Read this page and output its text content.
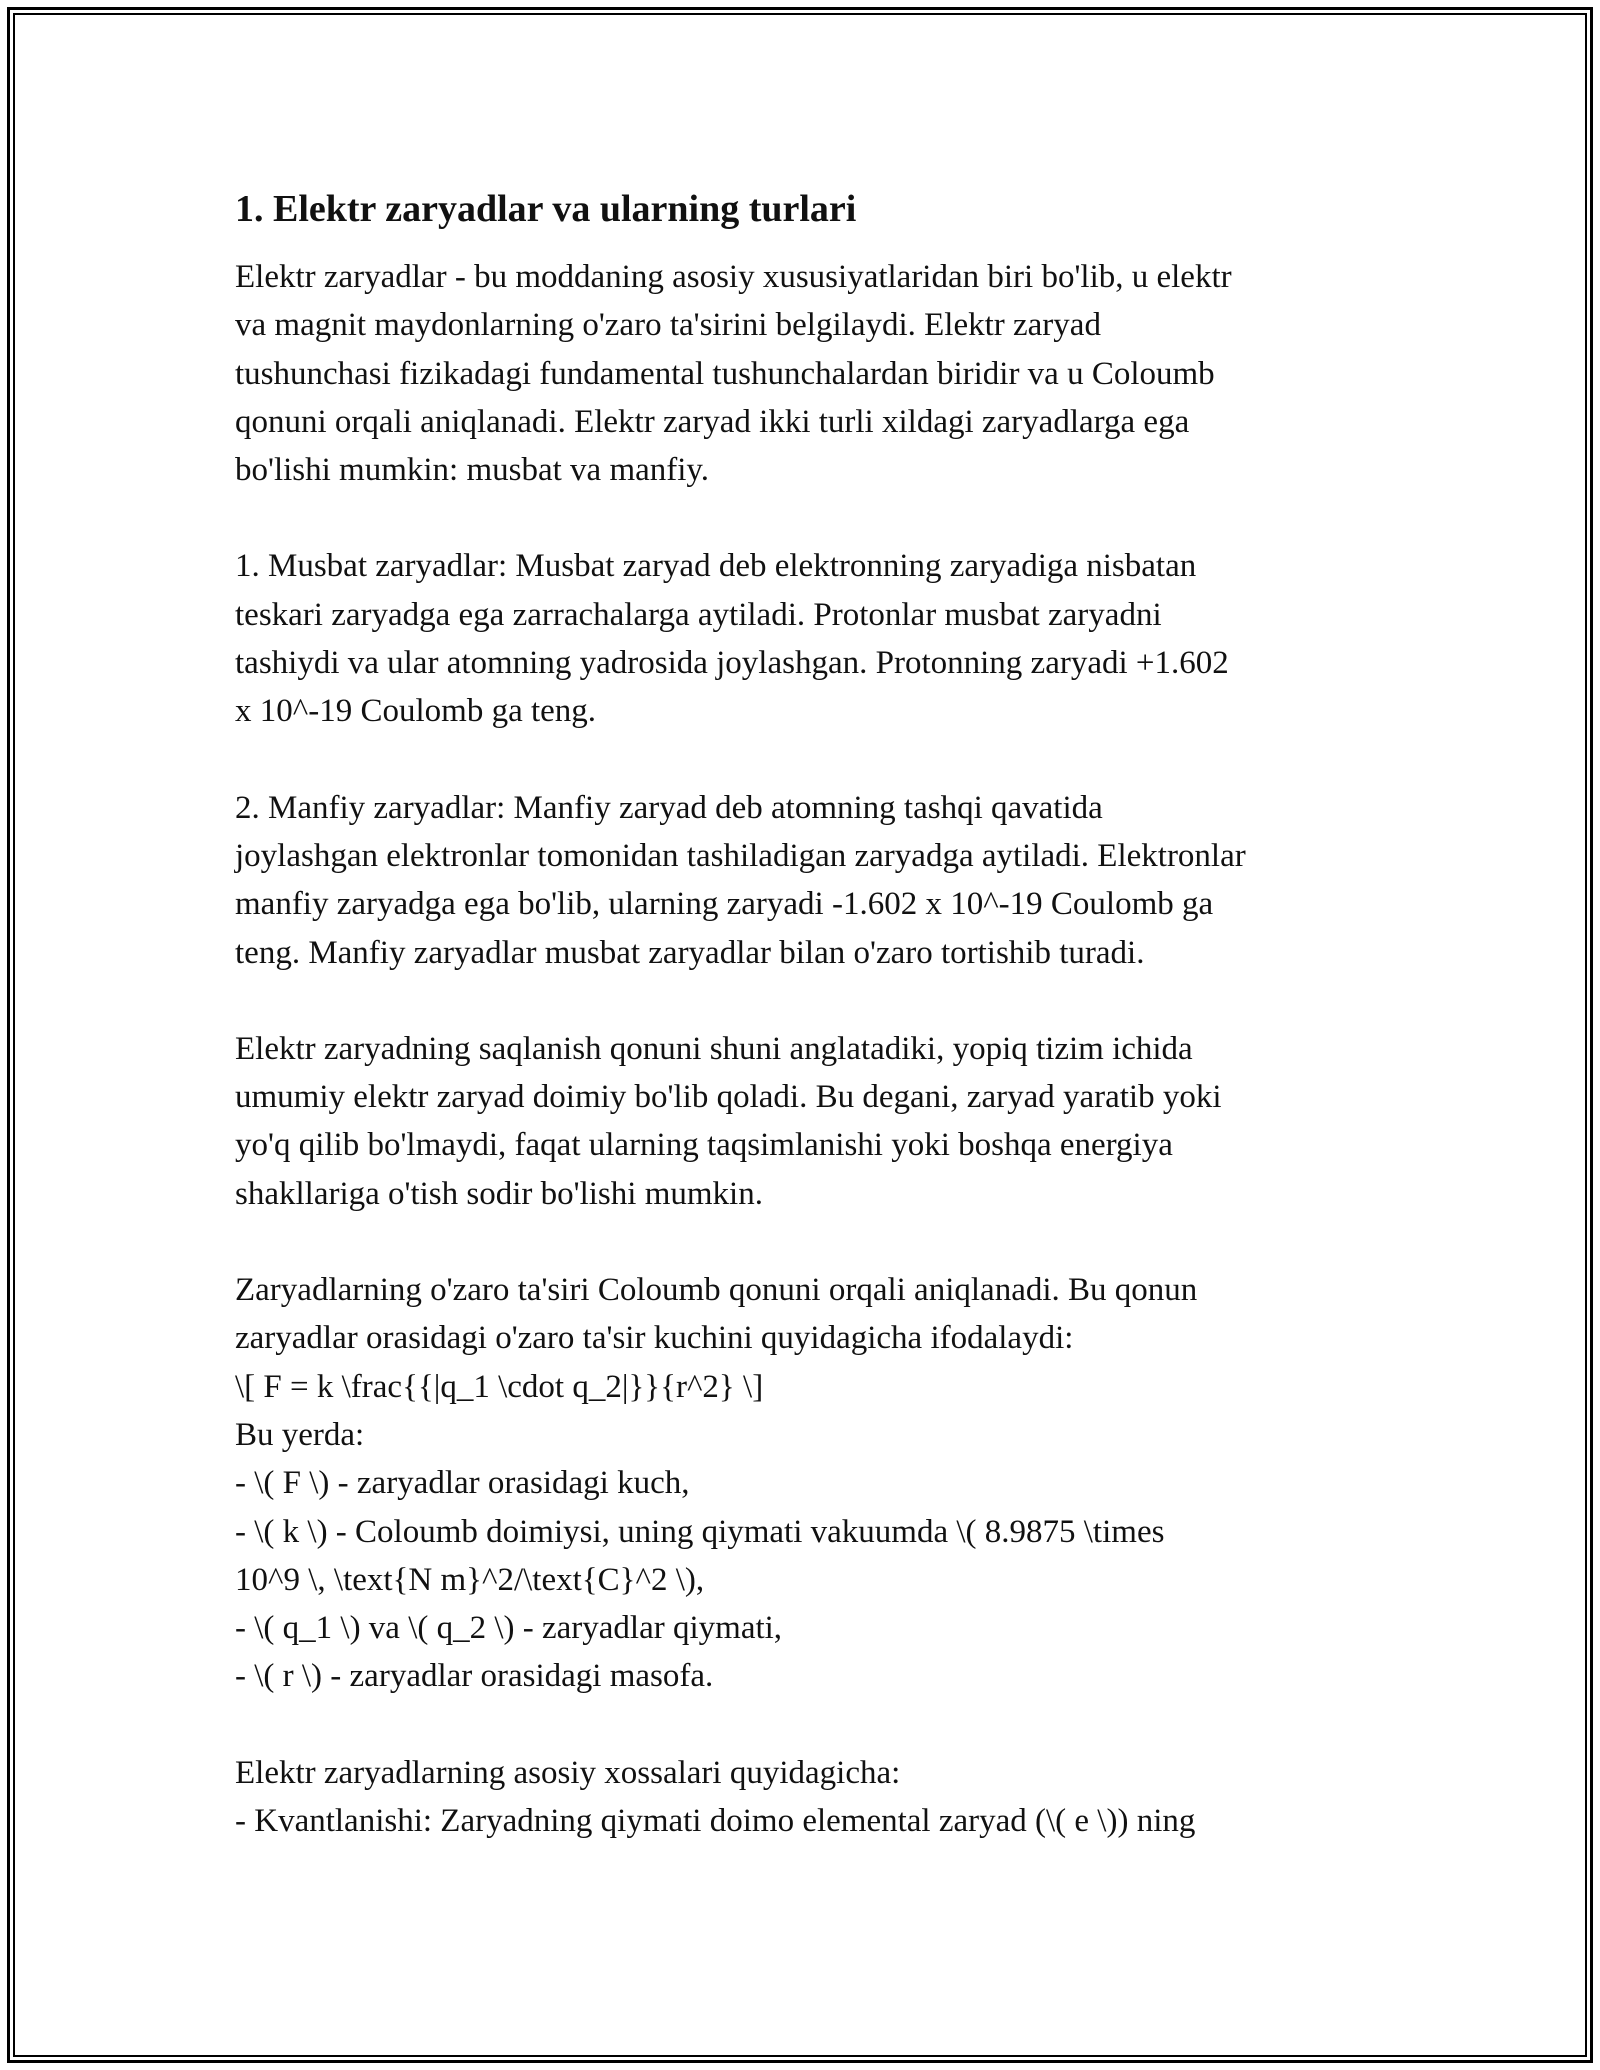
1. Elektr zaryadlar va ularning turlari
Elektr zaryadlar - bu moddaning asosiy xususiyatlaridan biri bo'lib, u elektr
va magnit maydonlarning o'zaro ta'sirini belgilaydi. Elektr zaryad
tushunchasi fizikadagi fundamental tushunchalardan biridir va u Coloumb
qonuni orqali aniqlanadi. Elektr zaryad ikki turli xildagi zaryadlarga ega
bo'lishi mumkin: musbat va manfiy.
1. Musbat zaryadlar: Musbat zaryad deb elektronning zaryadiga nisbatan
teskari zaryadga ega zarrachalarga aytiladi. Protonlar musbat zaryadni
tashiydi va ular atomning yadrosida joylashgan. Protonning zaryadi +1.602
x 10^-19 Coulomb ga teng.
2. Manfiy zaryadlar: Manfiy zaryad deb atomning tashqi qavatida
joylashgan elektronlar tomonidan tashiladigan zaryadga aytiladi. Elektronlar
manfiy zaryadga ega bo'lib, ularning zaryadi -1.602 x 10^-19 Coulomb ga
teng. Manfiy zaryadlar musbat zaryadlar bilan o'zaro tortishib turadi.
Elektr zaryadning saqlanish qonuni shuni anglatadiki, yopiq tizim ichida
umumiy elektr zaryad doimiy bo'lib qoladi. Bu degani, zaryad yaratib yoki
yo'q qilib bo'lmaydi, faqat ularning taqsimlanishi yoki boshqa energiya
shakllariga o'tish sodir bo'lishi mumkin.
Zaryadlarning o'zaro ta'siri Coloumb qonuni orqali aniqlanadi. Bu qonun
zaryadlar orasidagi o'zaro ta'sir kuchini quyidagicha ifodalaydi:
\[ F = k \frac{{|q_1 \cdot q_2|}}{r^2} \]
Bu yerda:
- \( F \) - zaryadlar orasidagi kuch,
- \( k \) - Coloumb doimiysi, uning qiymati vakuumda \( 8.9875 \times
10^9 \, \text{N m}^2/\text{C}^2 \),
- \( q_1 \) va \( q_2 \) - zaryadlar qiymati,
- \( r \) - zaryadlar orasidagi masofa.
Elektr zaryadlarning asosiy xossalari quyidagicha:
- Kvantlanishi: Zaryadning qiymati doimo elemental zaryad (\( e \)) ning
